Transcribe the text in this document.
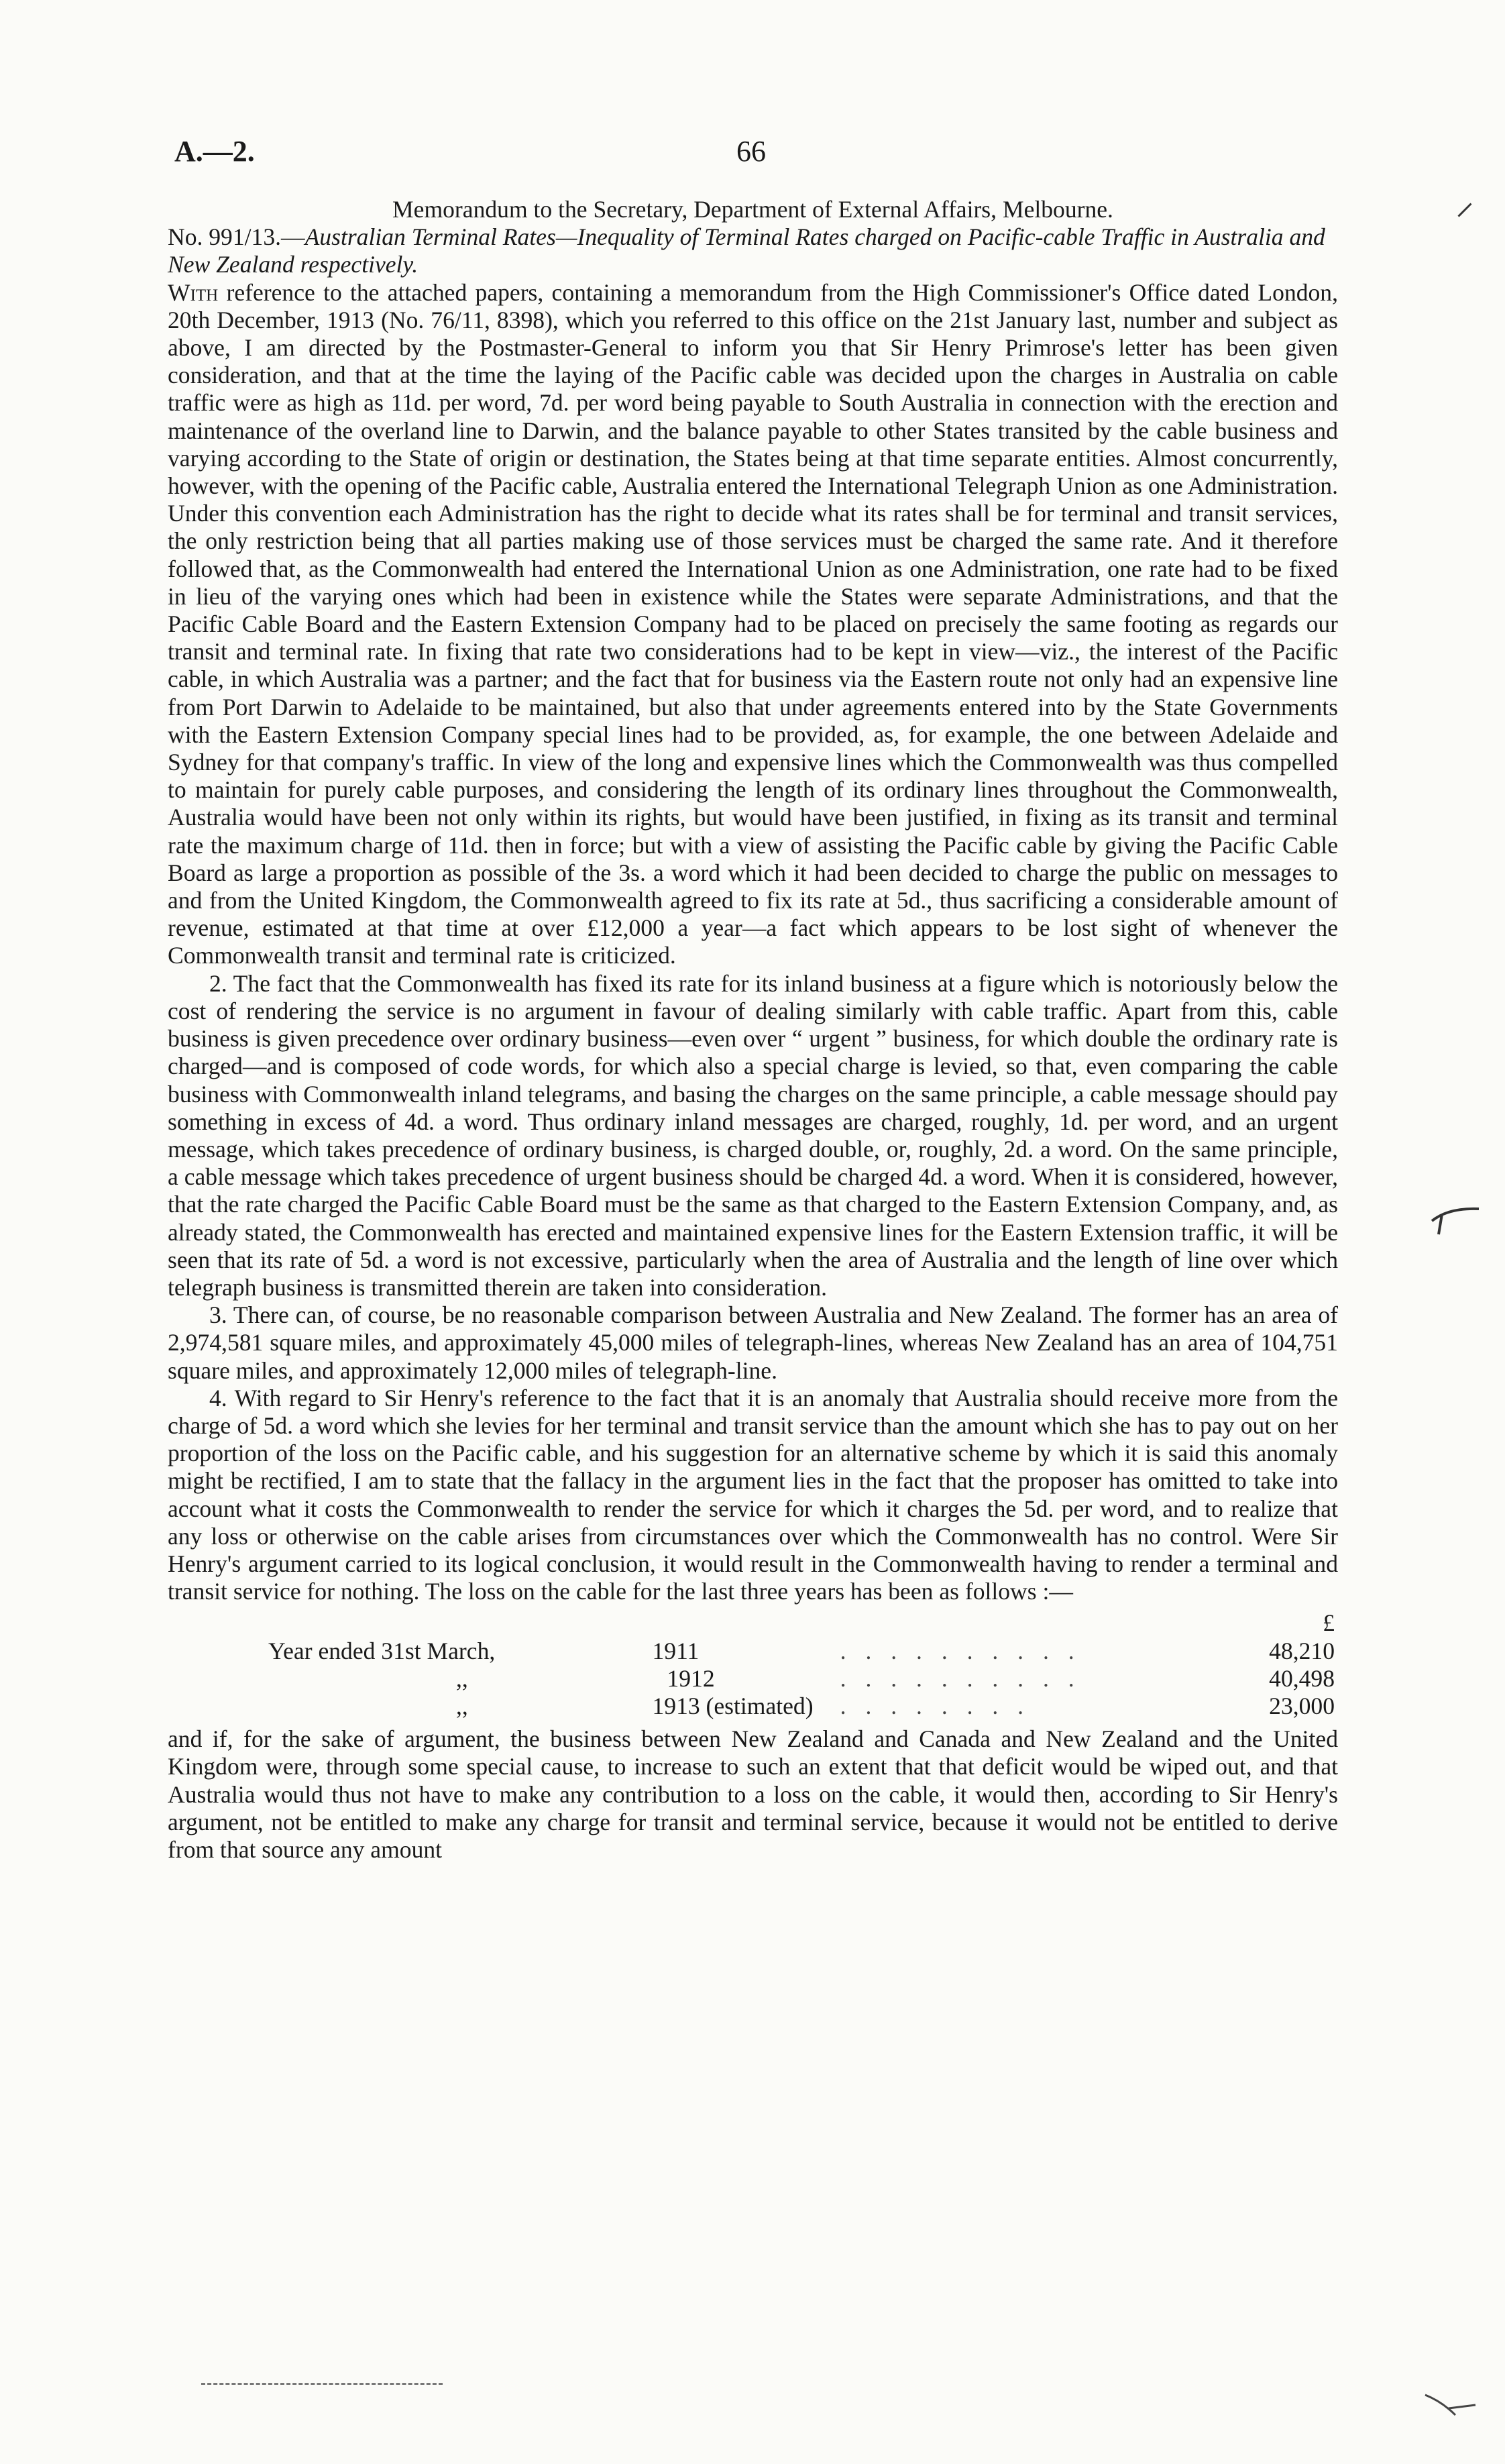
A.—2.	66

Memorandum to the Secretary, Department of External Affairs, Melbourne.

No. 991/13.—Australian Terminal Rates—Inequality of Terminal Rates charged on Pacific-cable Traffic in Australia and New Zealand respectively.

With reference to the attached papers, containing a memorandum from the High Commissioner's Office dated London, 20th December, 1913 (No. 76/11, 8398), which you referred to this office on the 21st January last, number and subject as above, I am directed by the Postmaster-General to inform you that Sir Henry Primrose's letter has been given consideration, and that at the time the laying of the Pacific cable was decided upon the charges in Australia on cable traffic were as high as 11d. per word, 7d. per word being payable to South Australia in connection with the erection and maintenance of the overland line to Darwin, and the balance payable to other States transited by the cable business and varying according to the State of origin or destination, the States being at that time separate entities. Almost concurrently, however, with the opening of the Pacific cable, Australia entered the International Telegraph Union as one Administration. Under this convention each Administration has the right to decide what its rates shall be for terminal and transit services, the only restriction being that all parties making use of those services must be charged the same rate. And it therefore followed that, as the Commonwealth had entered the International Union as one Administration, one rate had to be fixed in lieu of the varying ones which had been in existence while the States were separate Administrations, and that the Pacific Cable Board and the Eastern Extension Company had to be placed on precisely the same footing as regards our transit and terminal rate. In fixing that rate two considerations had to be kept in view—viz., the interest of the Pacific cable, in which Australia was a partner; and the fact that for business via the Eastern route not only had an expensive line from Port Darwin to Adelaide to be maintained, but also that under agreements entered into by the State Governments with the Eastern Extension Company special lines had to be provided, as, for example, the one between Adelaide and Sydney for that company's traffic. In view of the long and expensive lines which the Commonwealth was thus compelled to maintain for purely cable purposes, and considering the length of its ordinary lines throughout the Commonwealth, Australia would have been not only within its rights, but would have been justified, in fixing as its transit and terminal rate the maximum charge of 11d. then in force; but with a view of assisting the Pacific cable by giving the Pacific Cable Board as large a proportion as possible of the 3s. a word which it had been decided to charge the public on messages to and from the United Kingdom, the Commonwealth agreed to fix its rate at 5d., thus sacrificing a considerable amount of revenue, estimated at that time at over £12,000 a year—a fact which appears to be lost sight of whenever the Commonwealth transit and terminal rate is criticized.

2. The fact that the Commonwealth has fixed its rate for its inland business at a figure which is notoriously below the cost of rendering the service is no argument in favour of dealing similarly with cable traffic. Apart from this, cable business is given precedence over ordinary business—even over “ urgent ” business, for which double the ordinary rate is charged—and is composed of code words, for which also a special charge is levied, so that, even comparing the cable business with Commonwealth inland telegrams, and basing the charges on the same principle, a cable message should pay something in excess of 4d. a word. Thus ordinary inland messages are charged, roughly, 1d. per word, and an urgent message, which takes precedence of ordinary business, is charged double, or, roughly, 2d. a word. On the same principle, a cable message which takes precedence of urgent business should be charged 4d. a word. When it is considered, however, that the rate charged the Pacific Cable Board must be the same as that charged to the Eastern Extension Company, and, as already stated, the Commonwealth has erected and maintained expensive lines for the Eastern Extension traffic, it will be seen that its rate of 5d. a word is not excessive, particularly when the area of Australia and the length of line over which telegraph business is transmitted therein are taken into consideration.

3. There can, of course, be no reasonable comparison between Australia and New Zealand. The former has an area of 2,974,581 square miles, and approximately 45,000 miles of telegraph-lines, whereas New Zealand has an area of 104,751 square miles, and approximately 12,000 miles of telegraph-line.

4. With regard to Sir Henry's reference to the fact that it is an anomaly that Australia should receive more from the charge of 5d. a word which she levies for her terminal and transit service than the amount which she has to pay out on her proportion of the loss on the Pacific cable, and his suggestion for an alternative scheme by which it is said this anomaly might be rectified, I am to state that the fallacy in the argument lies in the fact that the proposer has omitted to take into account what it costs the Commonwealth to render the service for which it charges the 5d. per word, and to realize that any loss or otherwise on the cable arises from circumstances over which the Commonwealth has no control. Were Sir Henry's argument carried to its logical conclusion, it would result in the Commonwealth having to render a terminal and transit service for nothing. The loss on the cable for the last three years has been as follows :—

			£
Year ended 31st March,	1911	. . . . . . . . . .	48,210
,,	1912	. . . . . . . . . .	40,498
,,	1913 (estimated)	. . . . . . . .	23,000

and if, for the sake of argument, the business between New Zealand and Canada and New Zealand and the United Kingdom were, through some special cause, to increase to such an extent that that deficit would be wiped out, and that Australia would thus not have to make any contribution to a loss on the cable, it would then, according to Sir Henry's argument, not be entitled to make any charge for transit and terminal service, because it would not be entitled to derive from that source any amount

⸝
